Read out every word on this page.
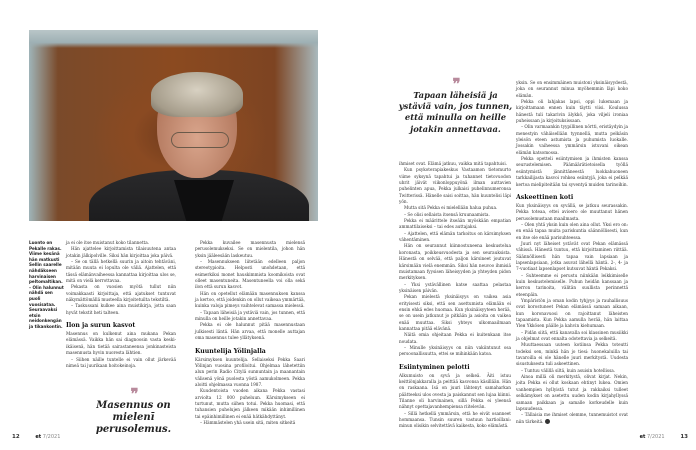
Luonto on Pekalle rakas. Viime kesänä hän matkusti Sellin saarelle nähdäkseen harvinaisen peltomaltikan. – Olin halunnut nähdä sen puoli vuosisataa. Seuraavaksi etsin neidonkengän ja tikankontin.

ja ei ole itse muistanut koko tilannetta.

Hän ajattelee kirjoittamista tilaisuutena antaa jotakin jälkipolville. Siksi hän kirjoittaa joka päivä.

– Se on tällä hetkellä suurin ja aitoin tehtäväni, mitään muuta ei lopulta ole väliä. Ajattelen, että tässä elämänvaiheessa kannattaa kirjoittaa ulos se, mitä on vielä kerrottavaa.

Pekasta on vuosien myötä tullut niin voimakkaasti kirjoittaja, että ajatukset tuntuvat näkymättömällä musteella kirjoitetuilta tekstiltä.

– Taskussani kulkee aina muistikirja, jotta saan hyvät tekstit heti talteen.

Ilon ja surun kasvot

Masennus on kulkenut aina mukana Pekan elämässä. Vaikka hän sai diagnoosin vasta keski-ikäisenä, hän tietää sairastaneensa jonkinasteista masennusta hyvin nuoresta lähtien.

– Siihen näille tuntelle ei vain ollut järkevää nimeä tai juurikaan hoitokeinoja.

❞
Masennus on mielenī perusolemus.

Pekka kuvailee masennusta mielensä perusolemukseksi. Se on mielentila, johon hän yksin jääleesään laskeutuu.

– Masennukseen liitetään edelleen paljon stereotypioita. Helposti unohdetaan, että esimerkiksi monet hauskimmista koomikoista ovat olleet masentuneita. Masentuneella voi olla sekä ilon että surun kasvot.

Hän on opetellut elämään masennuksen kanssa ja kertoo, että joidenkin on ollut vaikeaa ymmärtää, kuinka valoja pimeys vaihtelevat samassa mielessä.

– Tapaan läheisiä ja ystäviä vain, jos tunnen, että minulla on heille jotakin annettavaa.

Pekka ei ole halunnut pitää masennustaan julkisesti läntä. Hän arvaa, että monelle auttajan oma masennus tulee yllätyksenä.

Kuuntelija Yölinjalla

Kärsimyksen kuuntelija. Sellaiseksi Pekka Saari Yölinjan vuosina profiloitui. Ohjelmaa lähetettiin alun perin Radio Citylä sunnuntain ja maanantain välisenä yönä puolesta yöstä aamukolmeen. Pekka aloitti ohjelmassa vuonna 1987.

Kuudentoista vuoden aikana Pekka vastasi arviolta 12 000 puheluun. Kärsimykseen ei turtunut, mutta siihen totui. Pekka huomasi, että tuhansien puhelujen jälkeen mikään inhimillinen tai epäinhimillinen ei enää hätkähdyttänyt.

– Hämmästelen yhä usein sitä, miten sitkeitä

12	et 7/2021
❞
Tapaan läheisiä ja ystäviä vain, jos tunnen, että minulla on heille jotakin annettavaa.

ihmiset ovat. Elämä jatkuu, vaikka mitä tapahtuisi.

Kun psykoterapiakeskus Vastaamon tietomurto viime syksynä tapahtui ja tuhannet tietovuodon uhrit jäivät viikonloppuyönä ilman auttavien puhelinten apua, Pekka julkaisi puhelinnumeronsa Twitterissä. Hänelle saisi soittaa, hän kuuntelisi läpi yön.

Mutta sitä Pekka ei mielellään halua puhua.

– Se olisi sellaista itsensä kruunaamista.

Pekka ei määrittele itseään myöskään empatian ammattilaiseksi – tai edes auttajaksi.

– Ajattelen, että elämän tarkoitus on kärsimyksen vähentäminen.

Hän on seurannut kiinnostuneena keskustelua koronasta, poikkeusvuodesta ja sen seurauksista. Hänestä on selvää, että paljon kärsineet joutuvat kärsimään vielä enemmän. Siksi hän neuvoo ihmisiä muistamaan fyysisen läheisyyden ja yhteyden pidon merkityksen.

– Yksi ystävällinen katse saattaa pelastaa yksinäisen päivän.

Pekan mielestä yksinäisyys on vaikea asia erityisesti siksi, että sen asettumista elämään ei ensin ehkä edes huomaa. Kun yksinäisyyteen herää, se on usein jatkunut jo pitkään ja asioita on vaikea enää muuttaa. Siksi yhteys ulkomaailmaan kannattaa pitää elävänä.

Näitä omia ohjeitaan Pekka ei kuitenkaan itse noudata.

– Minulle yksinäisyys on niin vakiintunut osa persoonallisuutta, ettei se mihinkään katoa.

Esiintyminen pelotti

Alkumuisto on syvä ja selkeä. Äiti istuu keittiönjakkaralla ja peittää kasvonsa käsillään. Hän on raskaana. Isä on juuri lähtenyt samaharkan päätteeksi ulos ovesta ja paiskannut sen lujaa kiinni. Tilanne oli harvinainen, sillä Pekka ei yleensä nähnyt opettajavanhempiensa riitelevän.

– Sillä hetkellä ymmärsin, että he eivät osanneet hommaansa. Tunsin suuren vastuun hartioillani: minun olisikin selvitettävä kaikesta, koko elämästä.

yksin. Se on ensimmäinen muistoni yksinäisyydestä, joka on seurannut minua myöhemmin läpi koko elämän.

Pekka oli lahjakas lapsi, oppi lukemaan ja kirjoittamaan ennen kuin täytti viisi. Koulussa hänestä tuli takarivin älykkö, joka viljeli ironiaa puheissaan ja kirjoituksissaan.

– Olin varmaankin tyypillinen nörtti, eristäydyin ja menestyin vähäisellään tyynnellä, mutta pelkäsin yleisön eteen astumista ja puhumista luokalle. Jossakin vaiheessa ymmärsin istuvani oikean elämän katsomossa.

Pekka opetteli esiintymisen ja ihmisten kanssa seurustelemisen. Päämäärätietoisella työllä esiintymistä jännittäneestä luokkahuoneen tarkkailijasta kasvoi rohkea esiintyjä, joka ei pelkää kertoa mielipiteitään tai syventyä muiden tarinoihin.

Askeettinen koti

Kun yksinäisyys on syvällä, se jatkuu seurassakin. Pekka toteaa, ettei avioero ole muuttanut hänen perusolemustaan maailmasta.

– Olen yhtä yksin kuin olen aina ollut. Yksi ero on: en enää tapaa muita pariskuntia säännöllisesti, kun en itse ole enää parisuhteessa.

Juuri nyt läheiset ystävät ovat Pekan elämässä vähissä. Hänestä tuntuu, että kirjoittaminen riittää. Säännöllisesti hän tapaa vain lapsiaan ja lapsenlapsiaan, jotka asuvat lähellä häntä. 2-, 4- ja 7-vuotiaat lapsenlapset kutsuvat häntä Pekaksi.

– Suhteemme ei perustu niinkään leikkimiselle kuin keskustelemiselle. Puhun heidän kanssaan ja kerron tarinoita, välitän suullista perinnettä eteenpäin.

Ympäristön ja oman kodin tyhjyys ja rauhallisuus ovat korostuneet Pekan elämässä samaan aikaan, kun koronavuosi on rajoittanut läheisten tapaamista. Kun Pekka aamulla herää, hän laittaa Yleн Ykkösen päälle ja kahvin kiehumaan.

– Pidän siitä, että kanavalla soi klassinen musiikki ja ohjelmat ovat ennalta odotettavia ja selkeitä.

Muuttaessaan uuteen kotiinsa Pekka toteutti todeksi sen, minkä hän jo tiesi: huonekaluilla tai tavaroilla ei ole hänelle juuri merkitystä. Uudesta sisustuksesta tuli askeettinen.

– Tuntuu välillä siltä, kuin asuisin hotellissa.

Ainoa millä oli merkitystä, olivat kirjat. Nekin, joita Pekka ei ollut koskaan ehtinyt lukea. Omien vanhempien hyllyistä tutut ja rakkaiksi tulleet selkämykset on asetettu uuden kodin kirjahyllyssä samaan paikkaan ja samalle korkeudelle kuin lapsuudessa.

– Tällaisia me ihmiset olemme, tunnemuistot ovat niin tärkeitä.

et 7/2021	13
